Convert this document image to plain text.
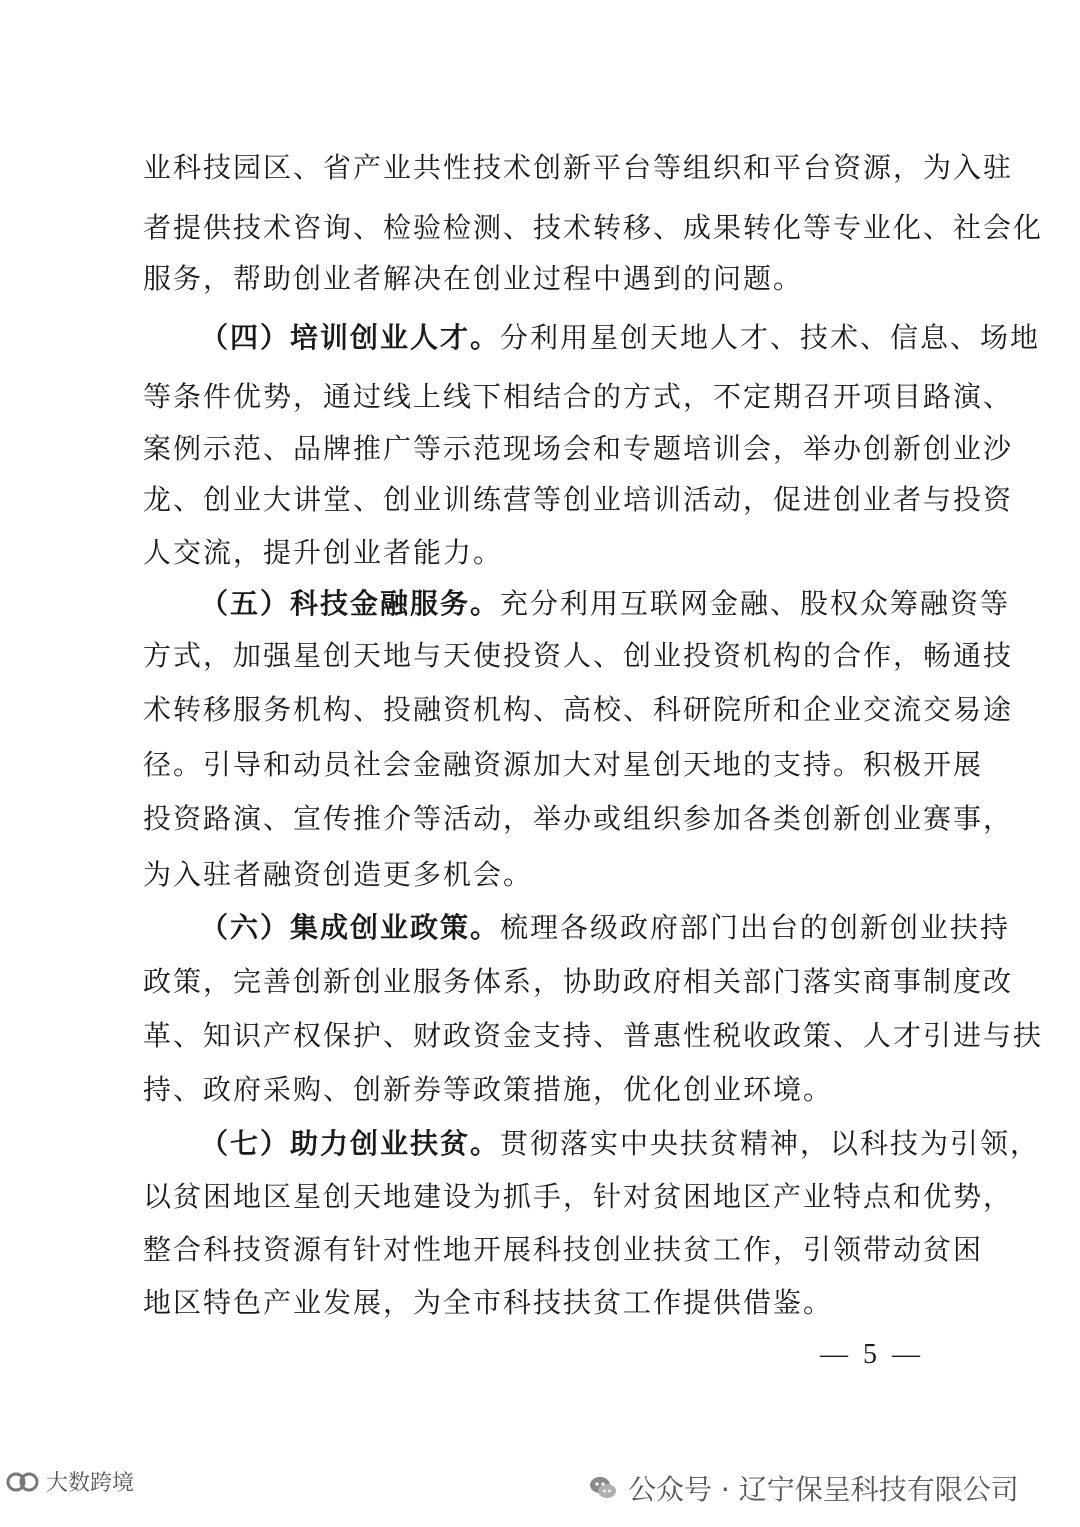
业科技园区、省产业共性技术创新平台等组织和平台资源，为入驻
者提供技术咨询、检验检测、技术转移、成果转化等专业化、社会化
服务，帮助创业者解决在创业过程中遇到的问题。
（四）培训创业人才。分利用星创天地人才、技术、信息、场地
等条件优势，通过线上线下相结合的方式，不定期召开项目路演、
案例示范、品牌推广等示范现场会和专题培训会，举办创新创业沙
龙、创业大讲堂、创业训练营等创业培训活动，促进创业者与投资
人交流，提升创业者能力。
（五）科技金融服务。充分利用互联网金融、股权众筹融资等
方式，加强星创天地与天使投资人、创业投资机构的合作，畅通技
术转移服务机构、投融资机构、高校、科研院所和企业交流交易途
径。引导和动员社会金融资源加大对星创天地的支持。积极开展
投资路演、宣传推介等活动，举办或组织参加各类创新创业赛事，
为入驻者融资创造更多机会。
（六）集成创业政策。梳理各级政府部门出台的创新创业扶持
政策，完善创新创业服务体系，协助政府相关部门落实商事制度改
革、知识产权保护、财政资金支持、普惠性税收政策、人才引进与扶
持、政府采购、创新券等政策措施，优化创业环境。
（七）助力创业扶贫。贯彻落实中央扶贫精神，以科技为引领，
以贫困地区星创天地建设为抓手，针对贫困地区产业特点和优势，
整合科技资源有针对性地开展科技创业扶贫工作，引领带动贫困
地区特色产业发展，为全市科技扶贫工作提供借鉴。
— 5 —
大数跨境	公众号 · 辽宁保呈科技有限公司
